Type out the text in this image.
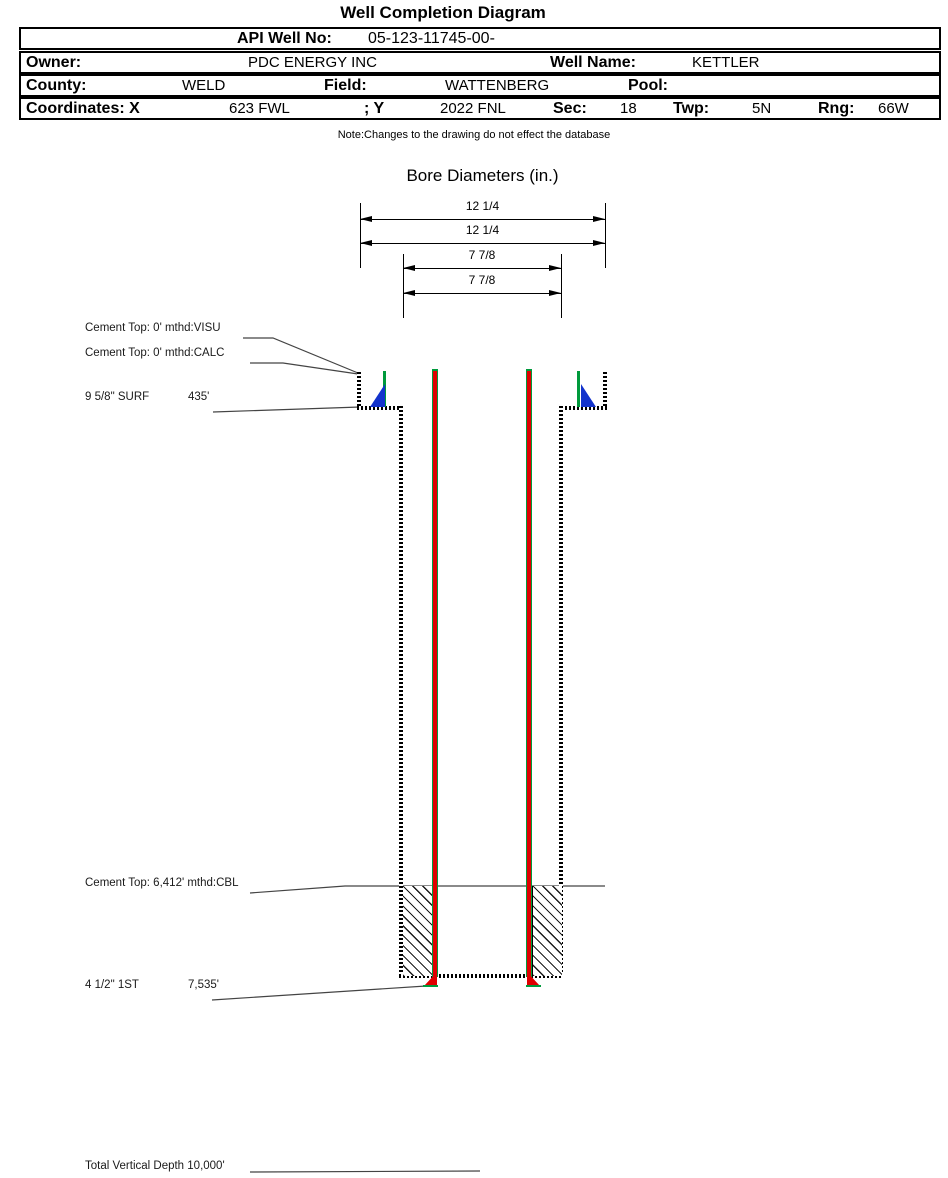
Well Completion Diagram
API Well No: 05-123-11745-00-
Owner:	PDC ENERGY INC	Well Name:	KETTLER
County:	WELD	Field:	WATTENBERG	Pool:
Coordinates: X	623 FWL	; Y	2022 FNL	Sec: 18 Twp:	5N	Rng: 66W
Note:Changes to the drawing do not effect the database
Bore Diameters (in.)
12 1/4
12 1/4
7 7/8
7 7/8
Cement Top: 0' mthd:VISU
Cement Top: 0' mthd:CALC
9 5/8" SURF	435'
Cement Top: 6,412' mthd:CBL
4 1/2" 1ST	7,535'
Total Vertical Depth 10,000'
